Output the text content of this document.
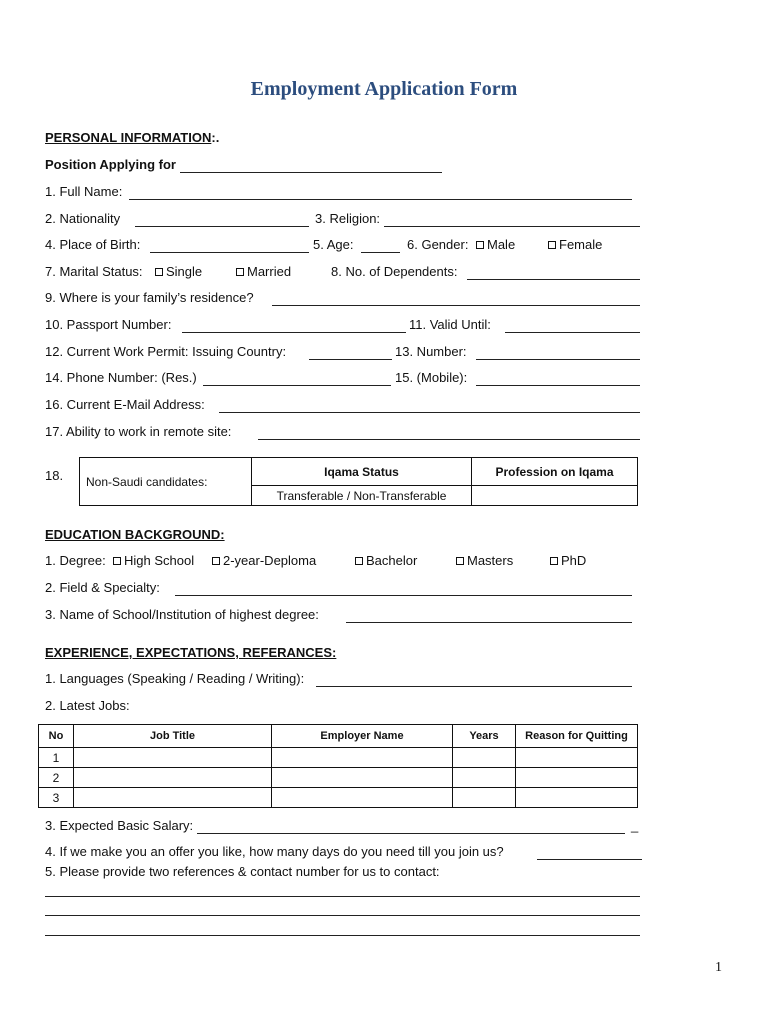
Employment Application Form
PERSONAL INFORMATION:.
Position Applying for
1. Full Name:
2. Nationality	3. Religion:
4. Place of Birth:	5. Age:	6. Gender:	Male	Female
7. Marital Status:	Single	Married	8. No. of Dependents:
9. Where is your family’s residence?
10. Passport Number:	11. Valid Until:
12. Current Work Permit: Issuing Country:	13. Number:
14. Phone Number: (Res.)	15. (Mobile):
16. Current E-Mail Address:
17. Ability to work in remote site:
18. Non-Saudi candidates:	Iqama Status	Profession on Iqama
	Transferable / Non-Transferable	
EDUCATION BACKGROUND:
1. Degree:	High School	2-year-Deploma	Bachelor	Masters	PhD
2. Field & Specialty:
3. Name of School/Institution of highest degree:
EXPERIENCE, EXPECTATIONS, REFERANCES:
1. Languages (Speaking / Reading / Writing):
2. Latest Jobs:
No	Job Title	Employer Name	Years	Reason for Quitting
1				
2				
3				
3. Expected Basic Salary:	_
4. If we make you an offer you like, how many days do you need till you join us?
5. Please provide two references & contact number for us to contact:
1
